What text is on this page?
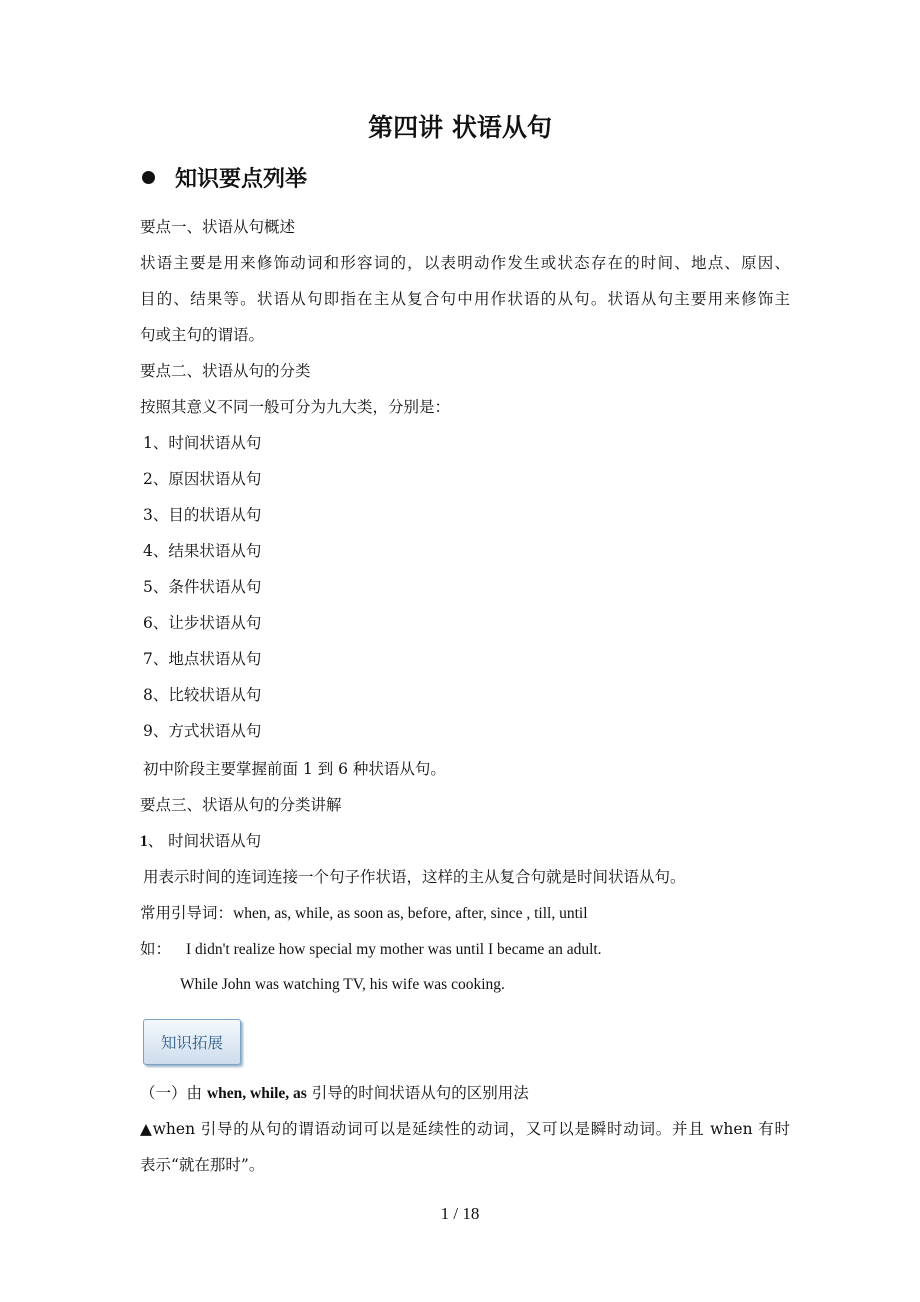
第四讲 状语从句
知识要点列举

要点一、状语从句概述

状语主要是用来修饰动词和形容词的，以表明动作发生或状态存在的时间、地点、原因、

目的、结果等。状语从句即指在主从复合句中用作状语的从句。状语从句主要用来修饰主

句或主句的谓语。

要点二、状语从句的分类

按照其意义不同一般可分为九大类，分别是：

1、时间状语从句

2、原因状语从句

3、目的状语从句

4、结果状语从句

5、条件状语从句

6、让步状语从句

7、地点状语从句

8、比较状语从句

9、方式状语从句

初中阶段主要掌握前面 1 到 6 种状语从句。

要点三、状语从句的分类讲解

1、 时间状语从句

用表示时间的连词连接一个句子作状语，这样的主从复合句就是时间状语从句。

常用引导词：when, as, while, as soon as, before, after, since , till, until

如： I didn't realize how special my mother was until I became an adult.

While John was watching TV, his wife was cooking.

知识拓展

（一）由 when, while, as 引导的时间状语从句的区别用法

▲when 引导的从句的谓语动词可以是延续性的动词，又可以是瞬时动词。并且 when 有时

表示“就在那时”。

1 / 18
